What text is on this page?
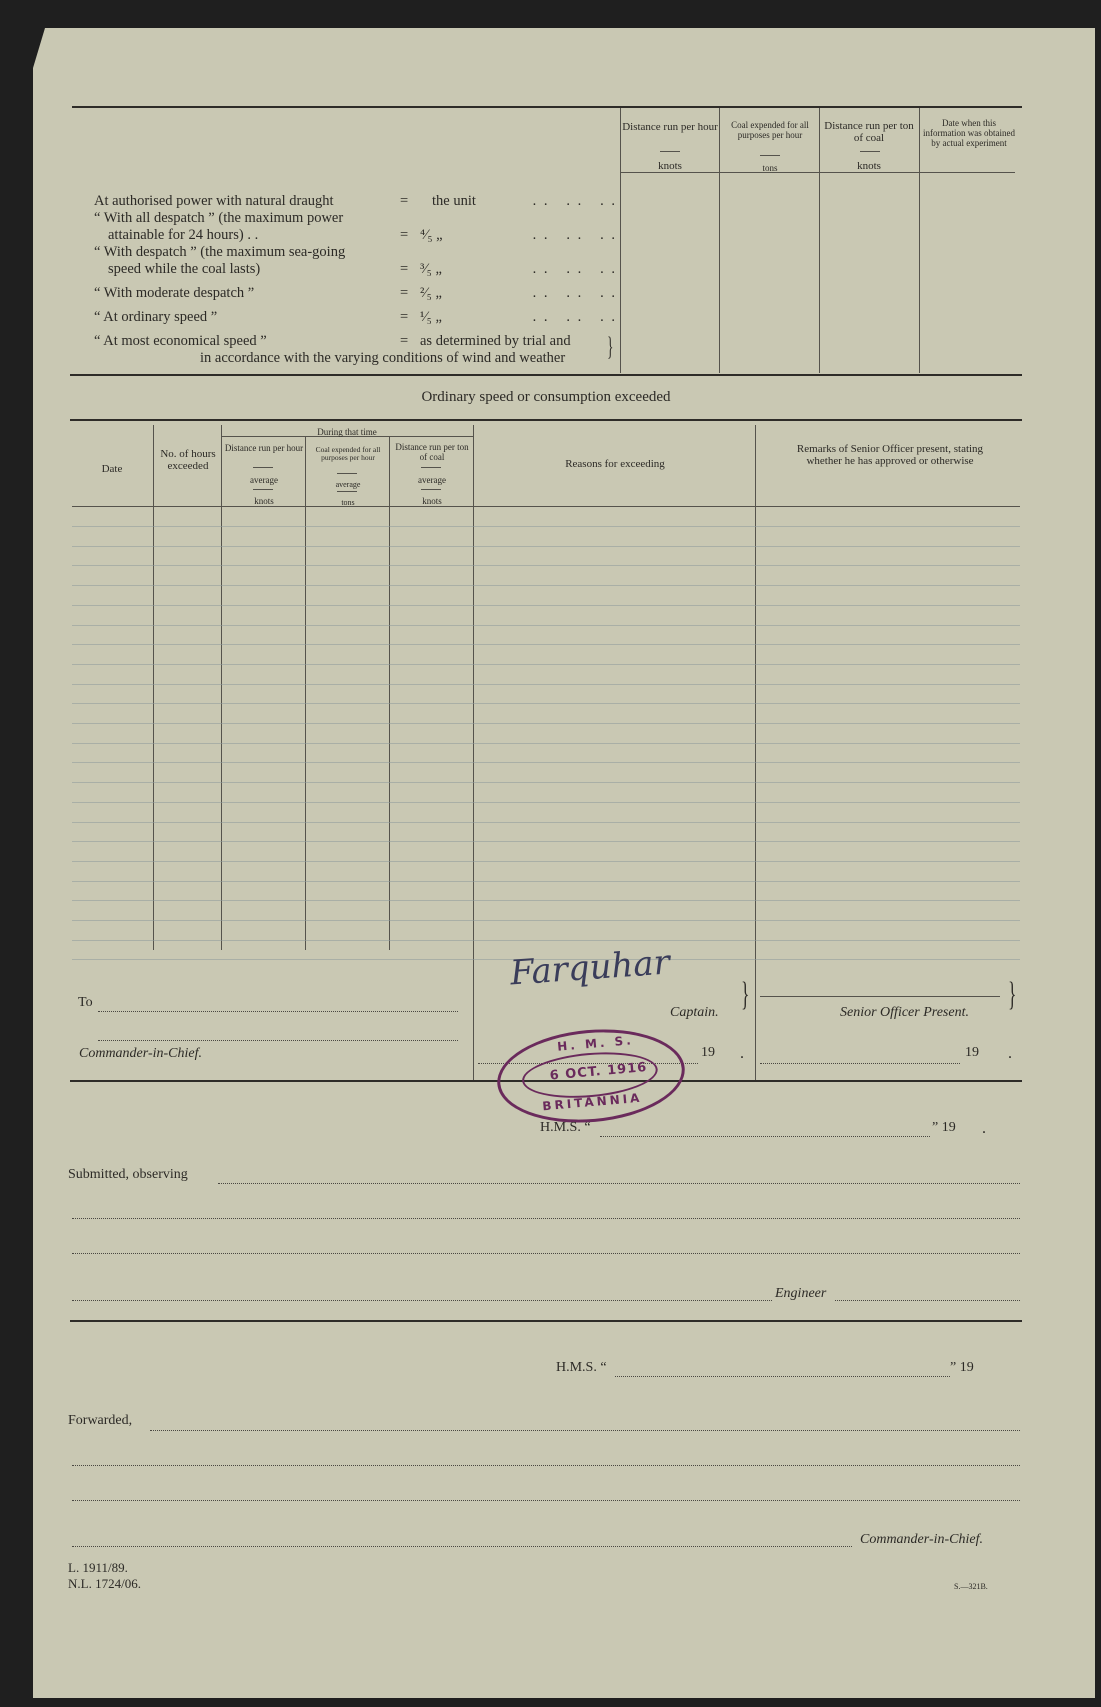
Distance run per hour
knots
Coal expended for all purposes per hour
tons
Distance run per ton of coal
knots
Date when this information was obtained by actual experiment
At authorised power with natural draught	= the unit	. .   . .   . .
“ With all despatch ” (the maximum power
attainable for 24 hours) . .	= ⁴⁄₅ „	. .   . .   . .
“ With despatch ” (the maximum sea-going
speed while the coal lasts)	= ³⁄₅ „	. .   . .   . .
“ With moderate despatch ”	= ²⁄₅ „	. .   . .   . .
“ At ordinary speed ”	= ¹⁄₅ „	. .   . .   . .
“ At most economical speed ”	= as determined by trial and
in accordance with the varying conditions of wind and weather }
Ordinary speed or consumption exceeded
Date
No. of hours exceeded
During that time
Distance run per hour
average
knots
Coal expended for all purposes per hour
average
tons
Distance run per ton of coal
average
knots
Reasons for exceeding
Remarks of Senior Officer present, stating whether he has approved or otherwise
To
Commander-in-Chief.
Farquhar
Captain. }
19 .
Senior Officer Present. }
19 .
H. M. S.
6 OCT. 1916
BRITANNIA
H.M.S. “	” 19 .
Submitted, observing
Engineer
H.M.S. “	” 19
Forwarded,
Commander-in-Chief.
L. 1911/89.
N.L. 1724/06.	S.—321B.
